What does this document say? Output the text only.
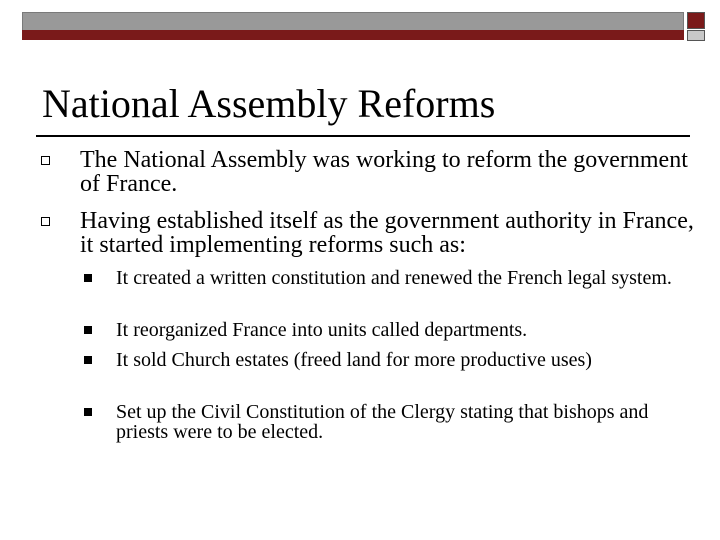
National Assembly Reforms
The National Assembly was working to reform the government of France.
Having established itself as the government authority in France, it started implementing reforms such as:
It created a written constitution and renewed the French legal system.
It reorganized France into units called departments.
It sold Church estates (freed land for more productive uses)
Set up the Civil Constitution of the Clergy stating that bishops and priests were to be elected.
